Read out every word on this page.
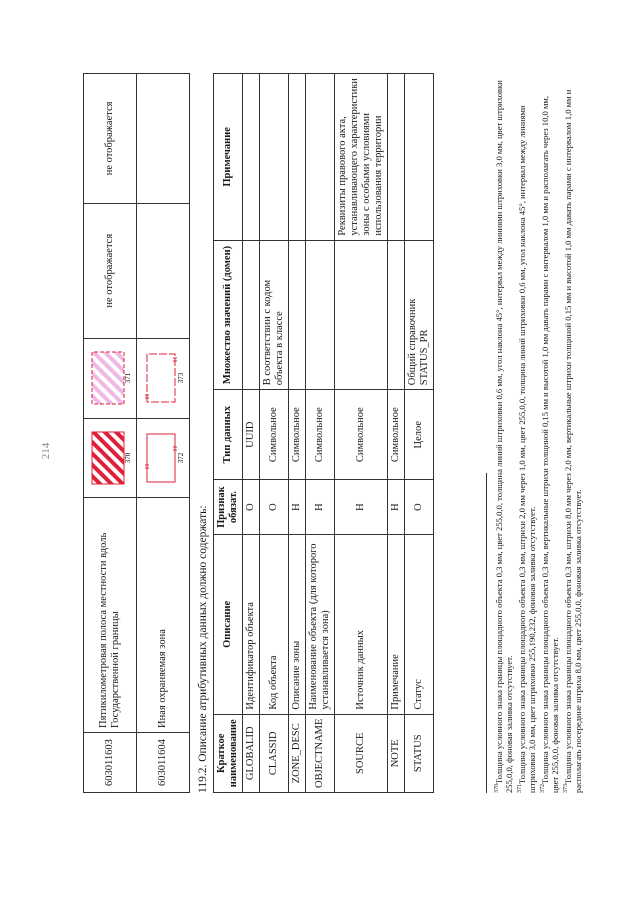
214
60301160З	Пятикилометровая полоса местности вдоль Государственной границы	370	371	не отображается	не отображается
603011604	Иная охраняемая зона	372	373		

119.2. Описание атрибутивных данных должно содержать: Краткое наименование	Описание	Признак обязат.	Тип данных	Множество значений (домен)	Примечание
GLOBALID	Идентификатор объекта	О	UUID		
CLASSID	Код объекта	О	Символьное	В соответствии с кодом объекта в классе	
ZONE_DESC	Описание зоны	Н	Символьное		
OBJECTNAME	Наименование объекта (для которого устанавливается зона)	Н	Символьное		
SOURCE	Источник данных	Н	Символьное		Реквизиты правового акта, устанавливающего характеристики зоны с особыми условиями использования территории
NOTE	Примечание	Н	Символьное		
STATUS	Статус	О	Целое	Общий справочник STATUS_PR	
$^{370}$Толщина условного знака границы площадного объекта 0,3 мм, цвет 255,0,0, толщина линий штриховки 0,6 мм, угол наклона 45°, интервал между линиями штриховки 3,0 мм, цвет штриховки 255,0,0, фоновая заливка отсутствует. $^{371}$Толщина условного знака границы площадного объекта 0,3 мм, штрихи 2,0 мм через 1,0 мм, цвет 255,0,0, толщина линий штриховки 0,6 мм, угол наклона 45°, интервал между линиями штриховки 3,0 мм, цвет штриховки 255,190,232, фоновая заливка отсутствует. $^{372}$Толщина условного знака границы площадного объекта 0,3 мм, вертикальные штрихи толщиной 0,15 мм и высотой 1,0 мм давать парами с интервалом 1,0 мм и располагать через 10,0 мм, цвет 255,0,0, фоновая заливка отсутствует. $^{373}$Толщина условного знака границы площадного объекта 0,3 мм, штрихи 8,0 мм через 2,0 мм, вертикальные штрихи толщиной 0,15 мм и высотой 1,0 мм давать парами с интервалом 1,0 мм и располагать посередине штриха 8,0 мм, цвет 255,0,0, фоновая заливка отсутствует.
